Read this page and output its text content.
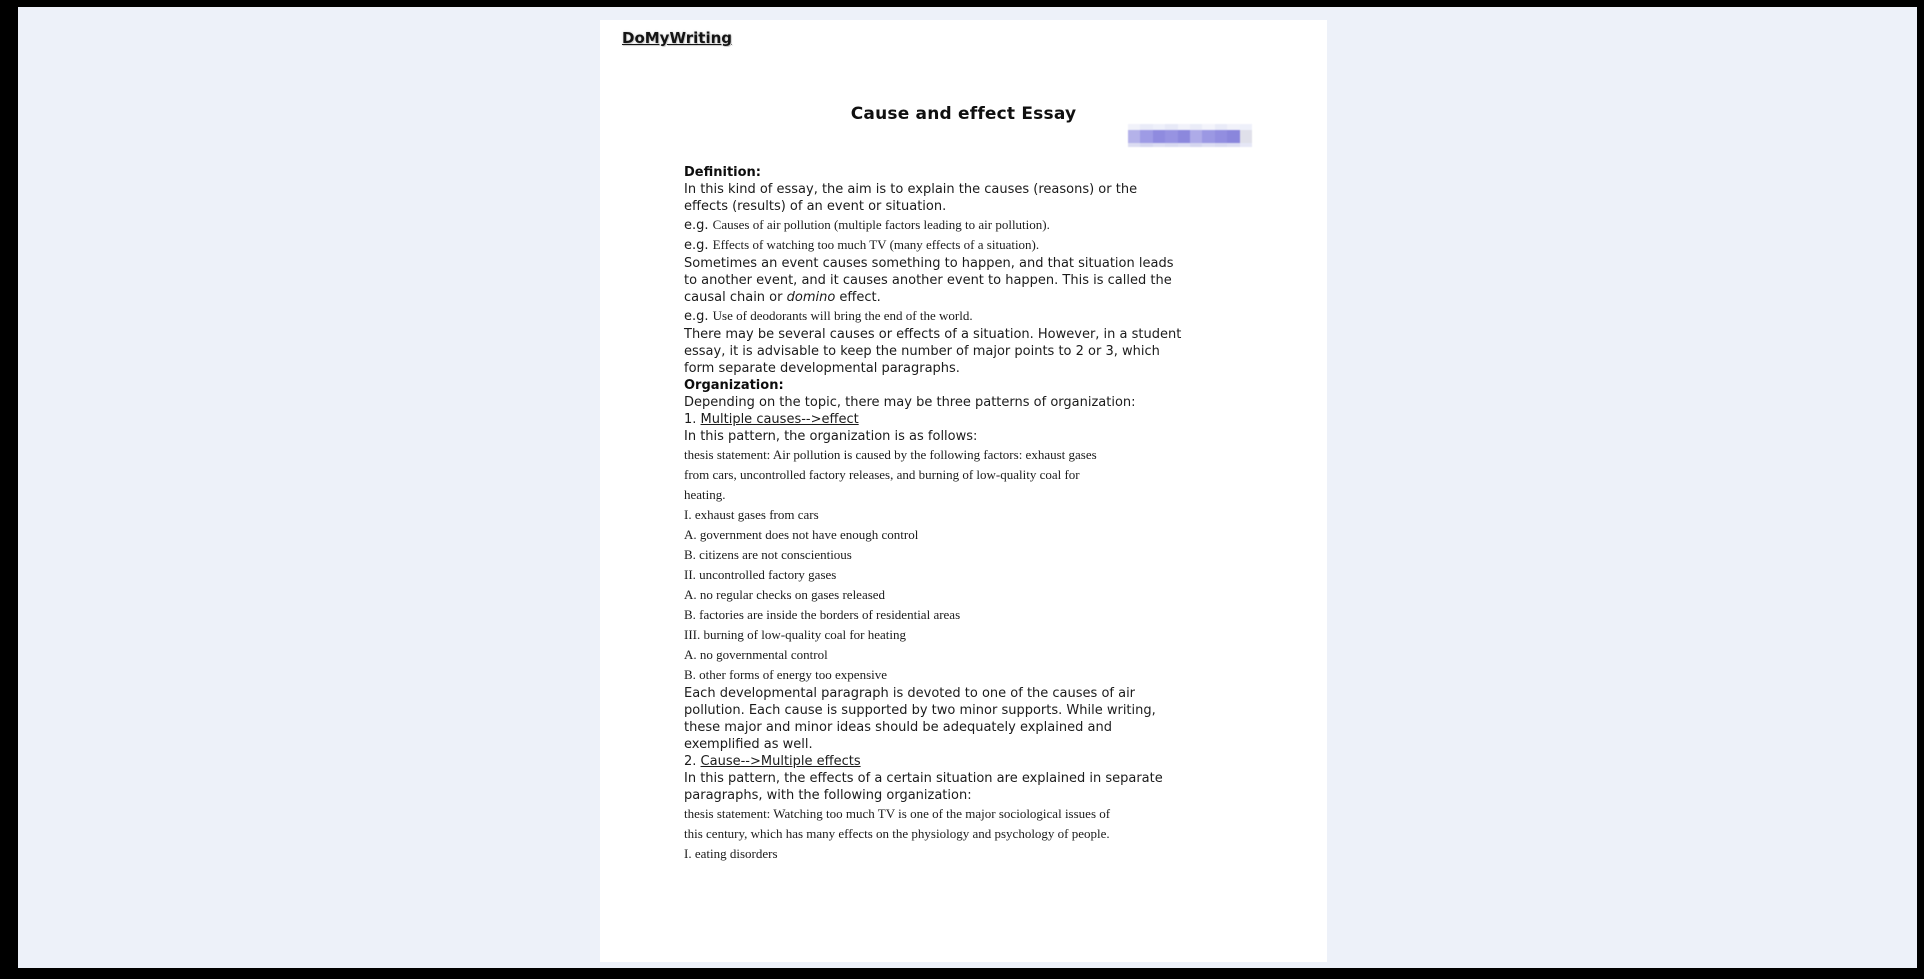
DoMyWriting
Cause and effect Essay
Definition:
In this kind of essay, the aim is to explain the causes (reasons) or the
effects (results) of an event or situation.
e.g. Causes of air pollution (multiple factors leading to air pollution).
e.g. Effects of watching too much TV (many effects of a situation).
Sometimes an event causes something to happen, and that situation leads
to another event, and it causes another event to happen. This is called the
causal chain or domino effect.
e.g. Use of deodorants will bring the end of the world.
There may be several causes or effects of a situation. However, in a student
essay, it is advisable to keep the number of major points to 2 or 3, which
form separate developmental paragraphs.
Organization:
Depending on the topic, there may be three patterns of organization:
1. Multiple causes-->effect
In this pattern, the organization is as follows:
thesis statement: Air pollution is caused by the following factors: exhaust gases
from cars, uncontrolled factory releases, and burning of low-quality coal for
heating.
I. exhaust gases from cars
A. government does not have enough control
B. citizens are not conscientious
II. uncontrolled factory gases
A. no regular checks on gases released
B. factories are inside the borders of residential areas
III. burning of low-quality coal for heating
A. no governmental control
B. other forms of energy too expensive
Each developmental paragraph is devoted to one of the causes of air
pollution. Each cause is supported by two minor supports. While writing,
these major and minor ideas should be adequately explained and
exemplified as well.
2. Cause-->Multiple effects
In this pattern, the effects of a certain situation are explained in separate
paragraphs, with the following organization:
thesis statement: Watching too much TV is one of the major sociological issues of
this century, which has many effects on the physiology and psychology of people.
I. eating disorders
